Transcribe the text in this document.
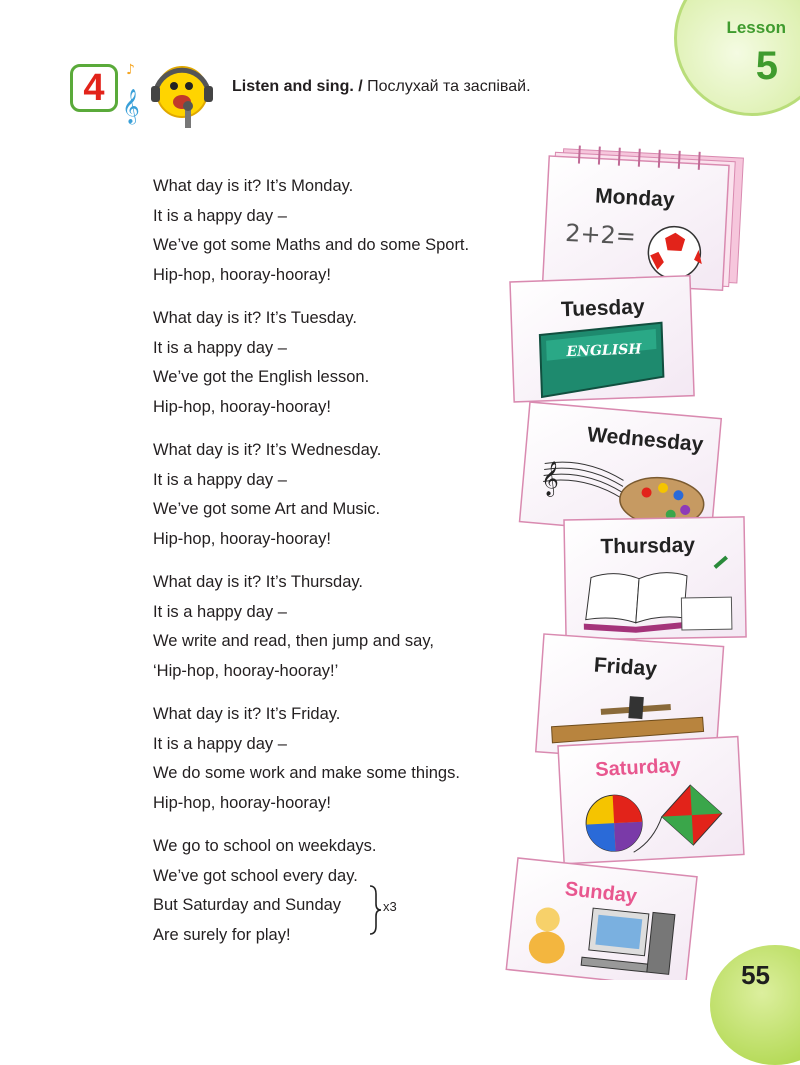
Lesson
5
4 𝄞
♪
Listen and sing. / Послухай та заспівай.
What day is it? It’s Monday.
It is a happy day –
We’ve got some Maths and do some Sport.
Hip-hop, hooray-hooray!
What day is it? It’s Tuesday.
It is a happy day –
We’ve got the English lesson.
Hip-hop, hooray-hooray!
What day is it? It’s Wednesday.
It is a happy day –
We’ve got some Art and Music.
Hip-hop, hooray-hooray!
What day is it? It’s Thursday.
It is a happy day –
We write and read, then jump and say,
‘Hip-hop, hooray-hooray!’
What day is it? It’s Friday.
It is a happy day –
We do some work and make some things.
Hip-hop, hooray-hooray!
We go to school on weekdays.
We’ve got school every day.
But Saturday and Sunday
Are surely for play!
x3
Monday
2+2=
Tuesday
ENGLISH
Wednesday
𝄞
Thursday
Friday
Saturday
Sunday
55
